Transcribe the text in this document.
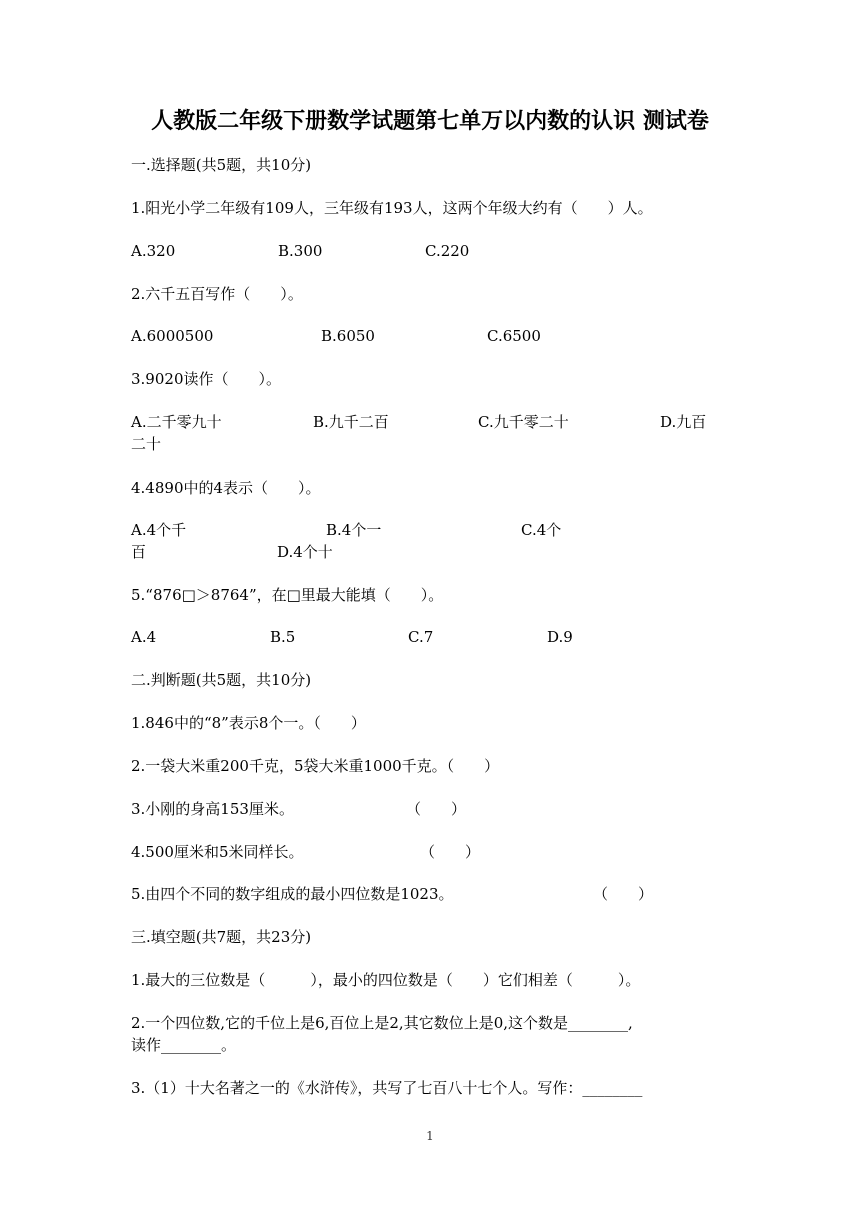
人教版二年级下册数学试题第七单万以内数的认识 测试卷
一.选择题(共5题，共10分)
1.阳光小学二年级有109人，三年级有193人，这两个年级大约有（　　）人。
A.320	B.300	C.220
2.六千五百写作（　　）。
A.6000500	B.6050	C.6500
3.9020读作（　　）。
A.二千零九十	B.九千二百	C.九千零二十	D.九百
二十
4.4890中的4表示（　　）。
A.4个千	B.4个一	C.4个
百	D.4个十
5.“876□＞8764”，在□里最大能填（　　）。
A.4	B.5	C.7	D.9
二.判断题(共5题，共10分)
1.846中的“8”表示8个一。（　　）
2.一袋大米重200千克，5袋大米重1000千克。（　　）
3.小刚的身高153厘米。	（　　）
4.500厘米和5米同样长。	（　　）
5.由四个不同的数字组成的最小四位数是1023。	（　　）
三.填空题(共7题，共23分)
1.最大的三位数是（　　　），最小的四位数是（　　）它们相差（　　　）。
2.一个四位数,它的千位上是6,百位上是2,其它数位上是0,这个数是________,
读作________。
3.（1）十大名著之一的《水浒传》，共写了七百八十七个人。写作：________
1
